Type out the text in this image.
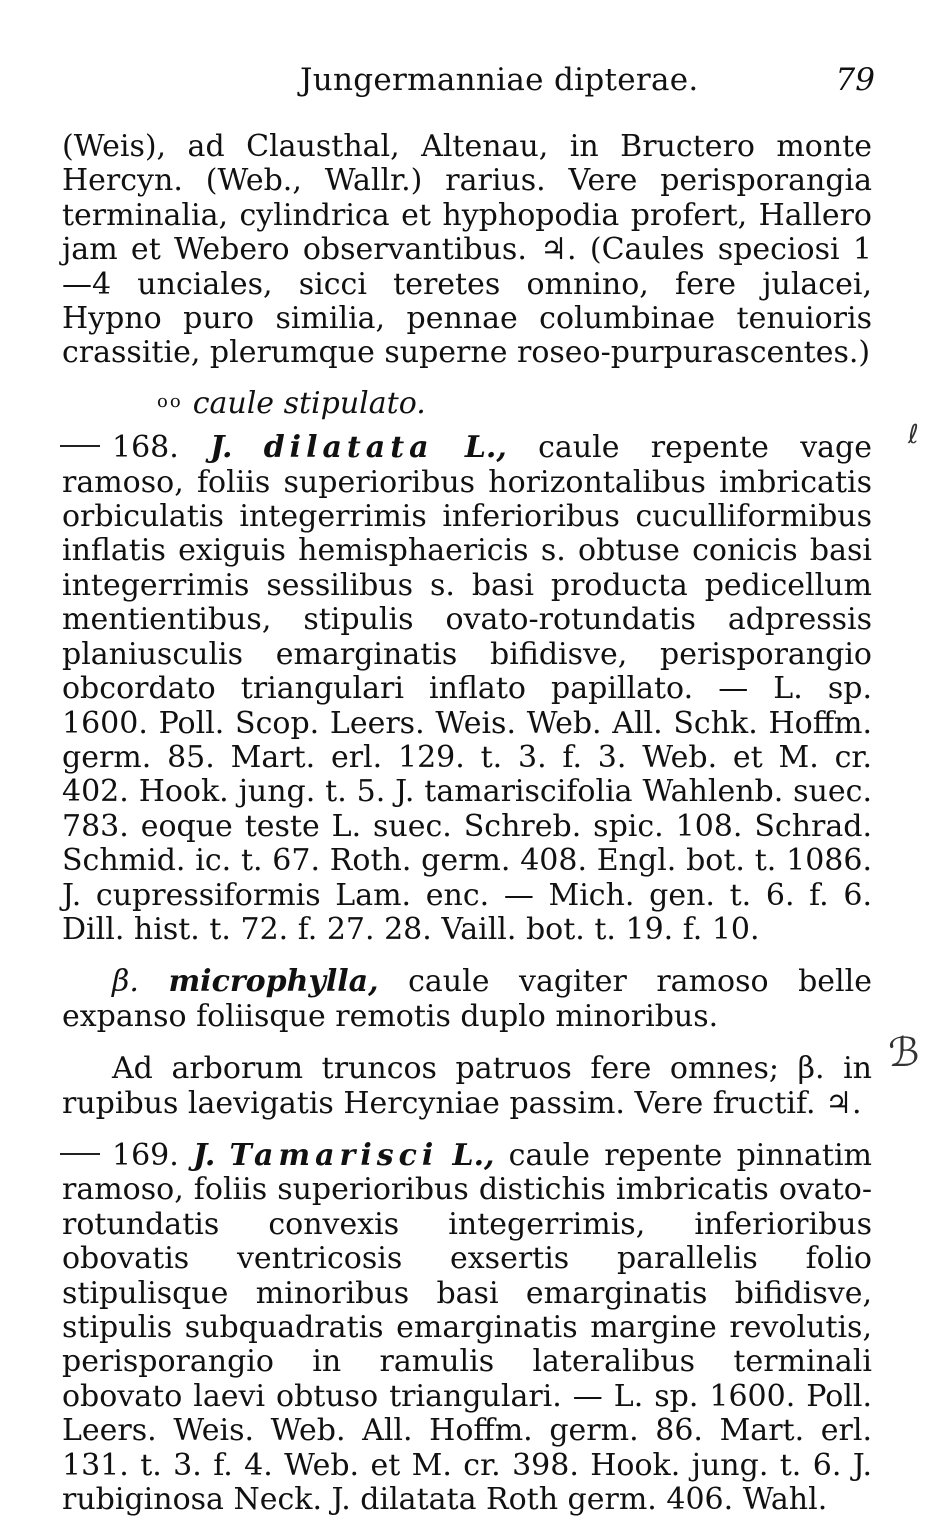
Jungermanniae dipterae.	79

(Weis), ad Clausthal, Altenau, in Bructero monte Hercyn. (Web., Wallr.) rarius. Vere perisporangia terminalia, cylindrica et hyphopodia profert, Hallero jam et Webero observantibus. ♃. (Caules speciosi 1—4 unciales, sicci teretes omnino, fere julacei, Hypno puro similia, pennae columbinae tenuioris crassitie, plerumque superne roseo-purpurascentes.)

$^{oo}$ caule stipulato.

168. J. dilatata L., caule repente vage ramoso, foliis superioribus horizontalibus imbricatis orbiculatis integerrimis inferioribus cuculliformibus inflatis exiguis hemisphaericis s. obtuse conicis basi integerrimis sessilibus s. basi producta pedicellum mentientibus, stipulis ovato-rotundatis adpressis planiusculis emarginatis bifidisve, perisporangio obcordato triangulari inflato papillato. — L. sp. 1600. Poll. Scop. Leers. Weis. Web. All. Schk. Hoffm. germ. 85. Mart. erl. 129. t. 3. f. 3. Web. et M. cr. 402. Hook. jung. t. 5. J. tamariscifolia Wahlenb. suec. 783. eoque teste L. suec. Schreb. spic. 108. Schrad. Schmid. ic. t. 67. Roth. germ. 408. Engl. bot. t. 1086. J. cupressiformis Lam. enc. — Mich. gen. t. 6. f. 6. Dill. hist. t. 72. f. 27. 28. Vaill. bot. t. 19. f. 10.

β. microphylla, caule vagiter ramoso belle expanso foliisque remotis duplo minoribus.

Ad arborum truncos patruos fere omnes; β. in rupibus laevigatis Hercyniae passim. Vere fructif. ♃.

169. J. Tamarisci L., caule repente pinnatim ramoso, foliis superioribus distichis imbricatis ovato-rotundatis convexis integerrimis, inferioribus obovatis ventricosis exsertis parallelis folio stipulisque minoribus basi emarginatis bifidisve, stipulis subquadratis emarginatis margine revolutis, perisporangio in ramulis lateralibus terminali obovato laevi obtuso triangulari. — L. sp. 1600. Poll. Leers. Weis. Web. All. Hoffm. germ. 86. Mart. erl. 131. t. 3. f. 4. Web. et M. cr. 398. Hook. jung. t. 6. J. rubiginosa Neck. J. dilatata Roth germ. 406. Wahl.

ℓ
ℬ
